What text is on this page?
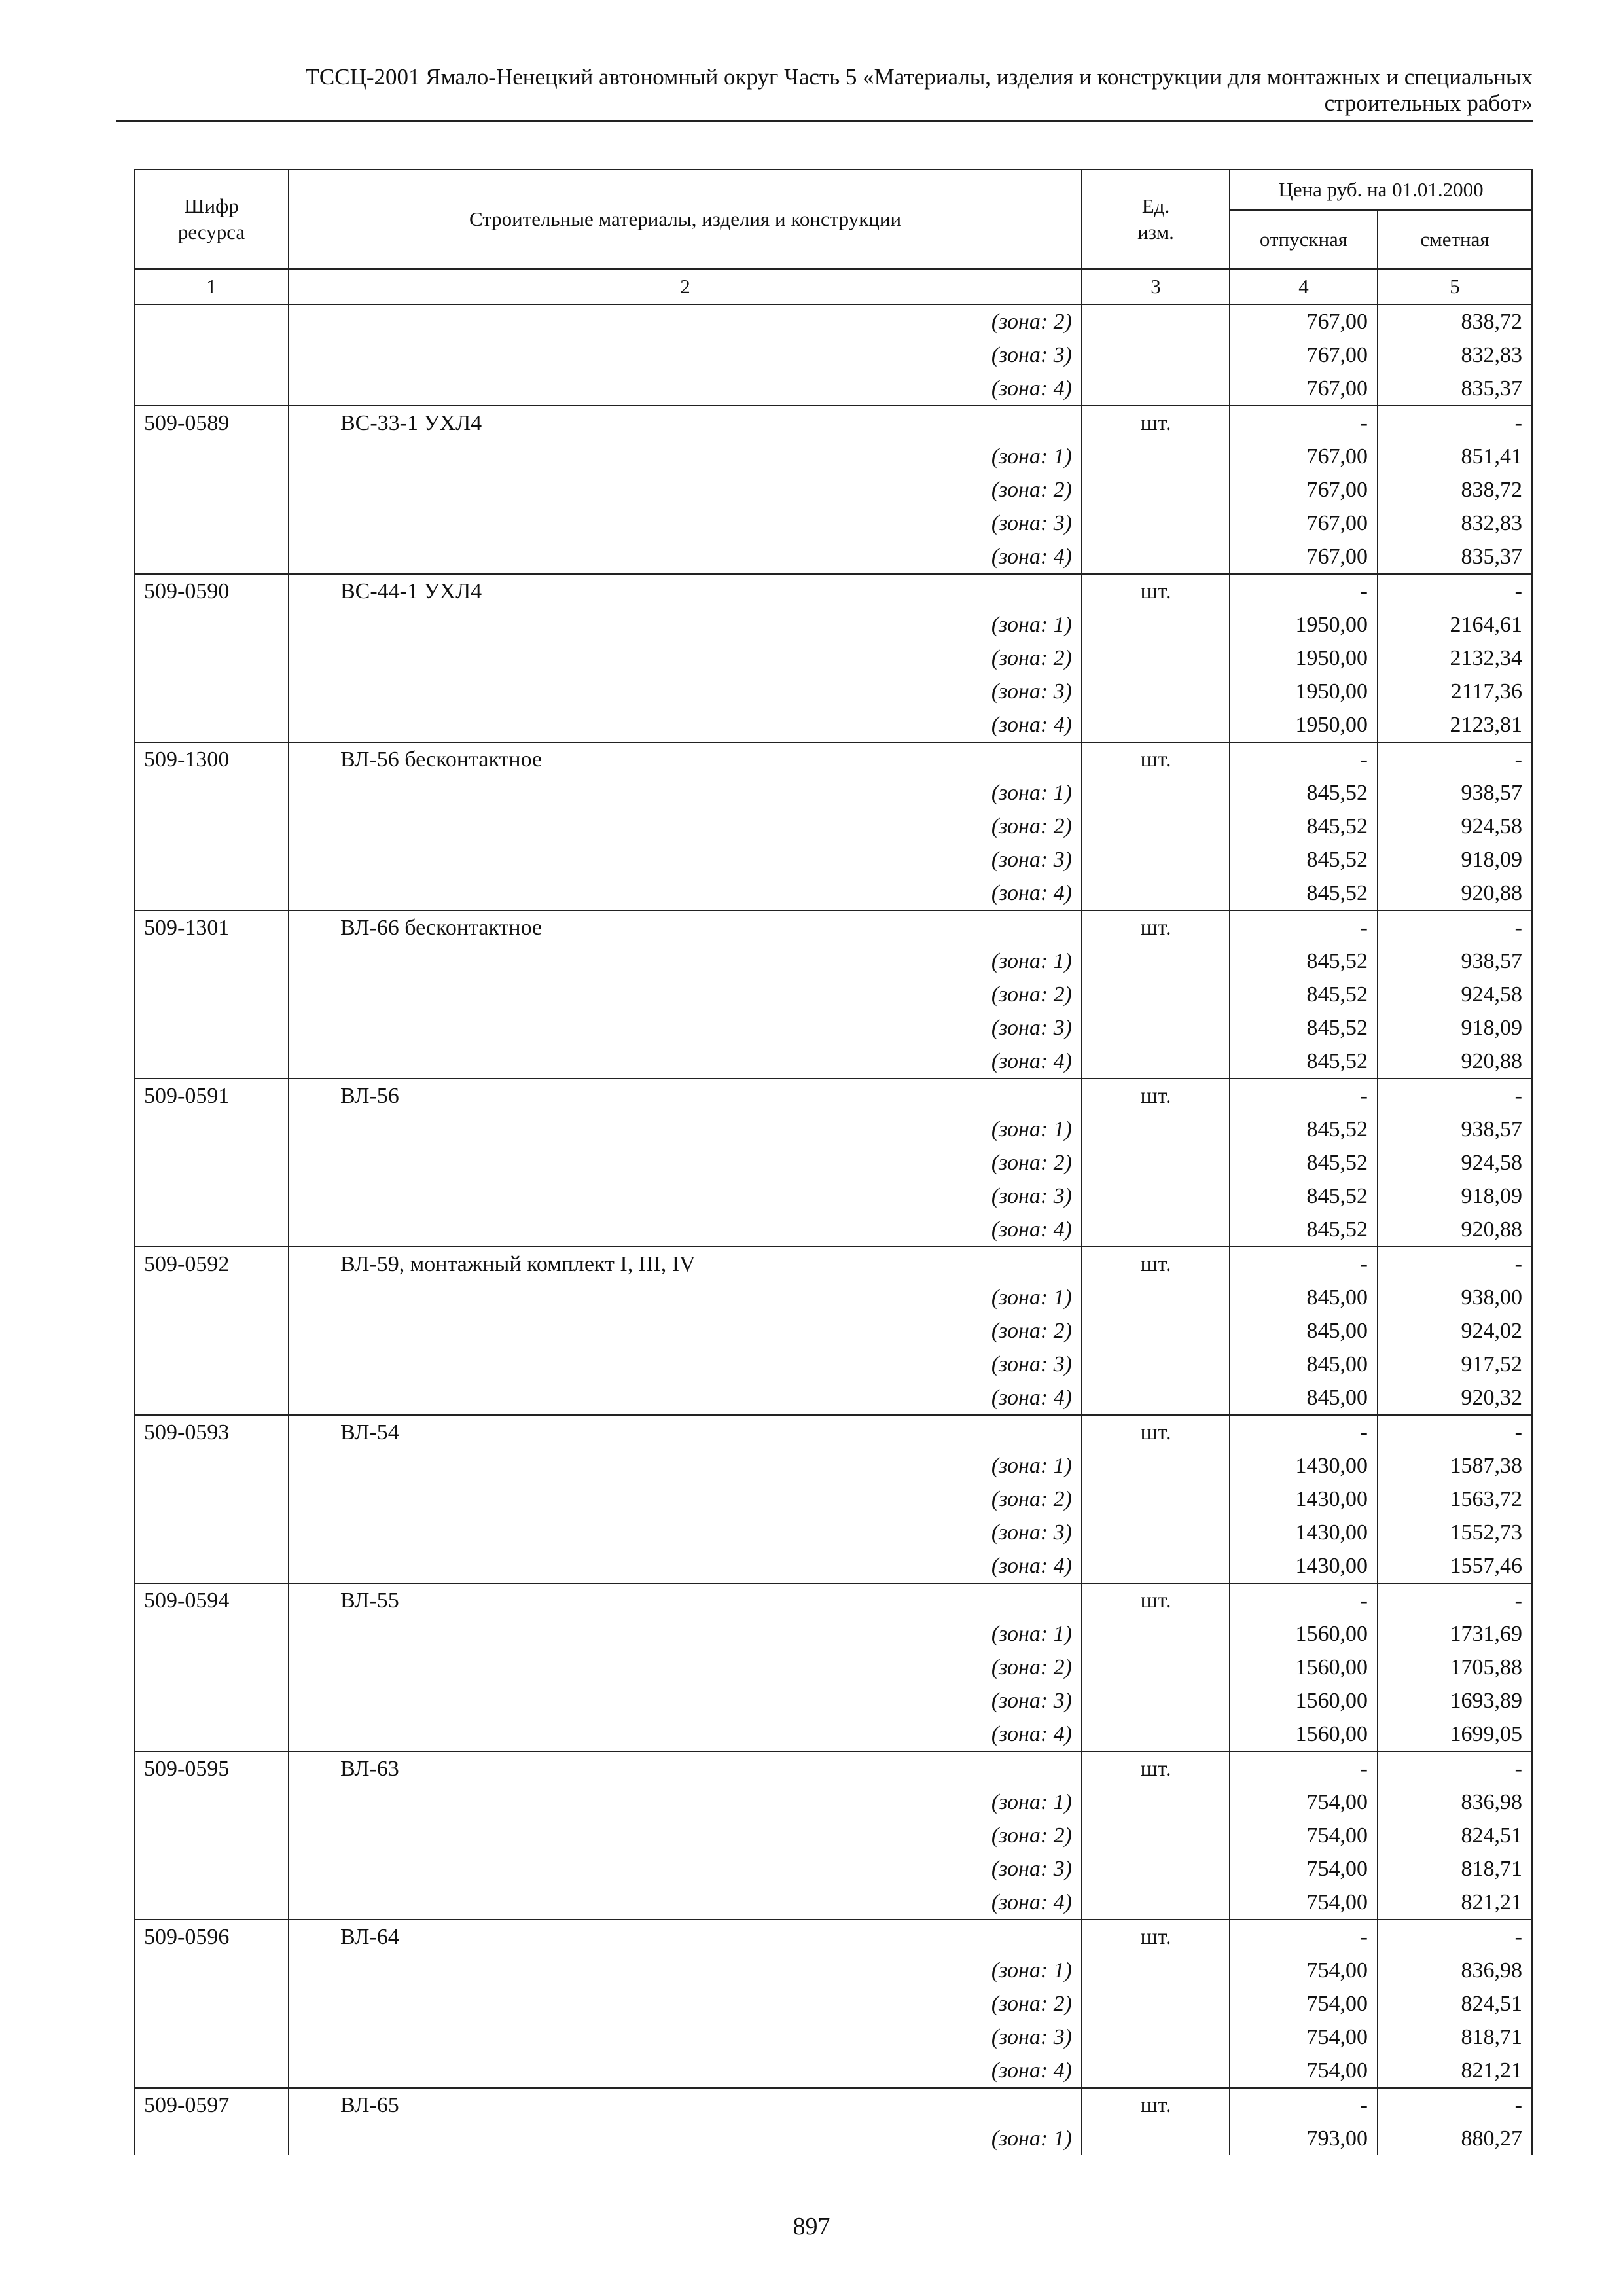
ТССЦ-2001 Ямало-Ненецкий автономный округ Часть 5 «Материалы, изделия и конструкции для монтажных и специальных
строительных работ»
Шифр ресурса	Строительные материалы, изделия и конструкции	Ед. изм.	Цена руб. на 01.01.2000	
			отпускная	сметная
1	2	3	4	5
	(зона: 2)		767,00	838,72
	(зона: 3)		767,00	832,83
	(зона: 4)		767,00	835,37
509-0589	ВС-33-1 УХЛ4	шт.	-	-
	(зона: 1)		767,00	851,41
	(зона: 2)		767,00	838,72
	(зона: 3)		767,00	832,83
	(зона: 4)		767,00	835,37
509-0590	ВС-44-1 УХЛ4	шт.	-	-
	(зона: 1)		1950,00	2164,61
	(зона: 2)		1950,00	2132,34
	(зона: 3)		1950,00	2117,36
	(зона: 4)		1950,00	2123,81
509-1300	ВЛ-56 бесконтактное	шт.	-	-
	(зона: 1)		845,52	938,57
	(зона: 2)		845,52	924,58
	(зона: 3)		845,52	918,09
	(зона: 4)		845,52	920,88
509-1301	ВЛ-66 бесконтактное	шт.	-	-
	(зона: 1)		845,52	938,57
	(зона: 2)		845,52	924,58
	(зона: 3)		845,52	918,09
	(зона: 4)		845,52	920,88
509-0591	ВЛ-56	шт.	-	-
	(зона: 1)		845,52	938,57
	(зона: 2)		845,52	924,58
	(зона: 3)		845,52	918,09
	(зона: 4)		845,52	920,88
509-0592	ВЛ-59, монтажный комплект I, III, IV	шт.	-	-
	(зона: 1)		845,00	938,00
	(зона: 2)		845,00	924,02
	(зона: 3)		845,00	917,52
	(зона: 4)		845,00	920,32
509-0593	ВЛ-54	шт.	-	-
	(зона: 1)		1430,00	1587,38
	(зона: 2)		1430,00	1563,72
	(зона: 3)		1430,00	1552,73
	(зона: 4)		1430,00	1557,46
509-0594	ВЛ-55	шт.	-	-
	(зона: 1)		1560,00	1731,69
	(зона: 2)		1560,00	1705,88
	(зона: 3)		1560,00	1693,89
	(зона: 4)		1560,00	1699,05
509-0595	ВЛ-63	шт.	-	-
	(зона: 1)		754,00	836,98
	(зона: 2)		754,00	824,51
	(зона: 3)		754,00	818,71
	(зона: 4)		754,00	821,21
509-0596	ВЛ-64	шт.	-	-
	(зона: 1)		754,00	836,98
	(зона: 2)		754,00	824,51
	(зона: 3)		754,00	818,71
	(зона: 4)		754,00	821,21
509-0597	ВЛ-65	шт.	-	-
	(зона: 1)		793,00	880,27
897
